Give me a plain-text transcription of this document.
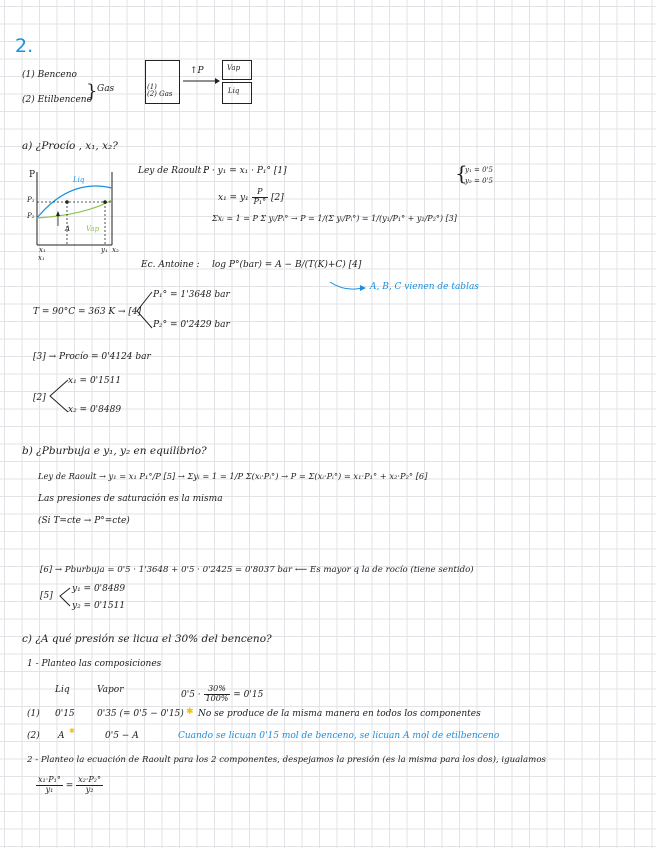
2.
(1) Benceno
(2) Etilbenceno
} Gas	(1)
(2) Gas
↑P	Vap
Liq
a) ¿Procío , x₁, x₂?
P	Liq
P₁
P₂
A Vap
x₁	y₁ x₂
x₁
Ley de Raoult :
P · y₁ = x₁ · P₁° [1]
$x_1 = y_1 \frac{P}{\text{P₁°}} [2]$
Σxᵢ = 1 = P Σ yᵢ/Pᵢ° → P = 1/(Σ yᵢ/Pᵢ°) = 1/(y₁/P₁° + y₂/P₂°) [3]
{
y₁ = 0'5
y₂ = 0'5
Ec. Antoine : log P°(bar) = A − B/(T(K)+C) [4]
A, B, C vienen de tablas
T = 90°C = 363 K → [4]
P₁° = 1'3648 bar
P₂° = 0'2429 bar
[3] → Procío = 0'4124 bar
[2]
x₁ = 0'1511
x₂ = 0'8489
b) ¿Pburbuja e y₁, y₂ en equilibrio?
Ley de Raoult → y₁ = x₁ P₁°/P [5] → Σyᵢ = 1 = 1/P Σ(xᵢ·Pᵢ°) → P = Σ(xᵢ·Pᵢ°) = x₁·P₁° + x₂·P₂° [6]
Las presiones de saturación es la misma
(Si T=cte → P°=cte)
[6] → Pburbuja = 0'5 · 1'3648 + 0'5 · 0'2425 = 0'8037 bar ⟵ Es mayor q la de rocío (tiene sentido)
[5]
y₁ = 0'8489
y₂ = 0'1511
c) ¿A qué presión se licua el 30% del benceno?
1 - Planteo las composiciones
Liq	Vapor	$0'5 \cdot \frac{30\%}{100\%} = 0'15$
(1) 0'15 0'35 (= 0'5 − 0'15) ✱ No se produce de la misma manera en todos los componentes
(2) A ✱	0'5 − A	Cuando se licuan 0'15 mol de benceno, se licuan A mol de etilbenceno
2 - Planteo la ecuación de Raoult para los 2 componentes, despejamos la presión (es la misma para los dos), igualamos
$\frac{\text{x₁·P₁°}}{\text{y₁}} = \frac{\text{x₂·P₂°}}{\text{y₂}}$
